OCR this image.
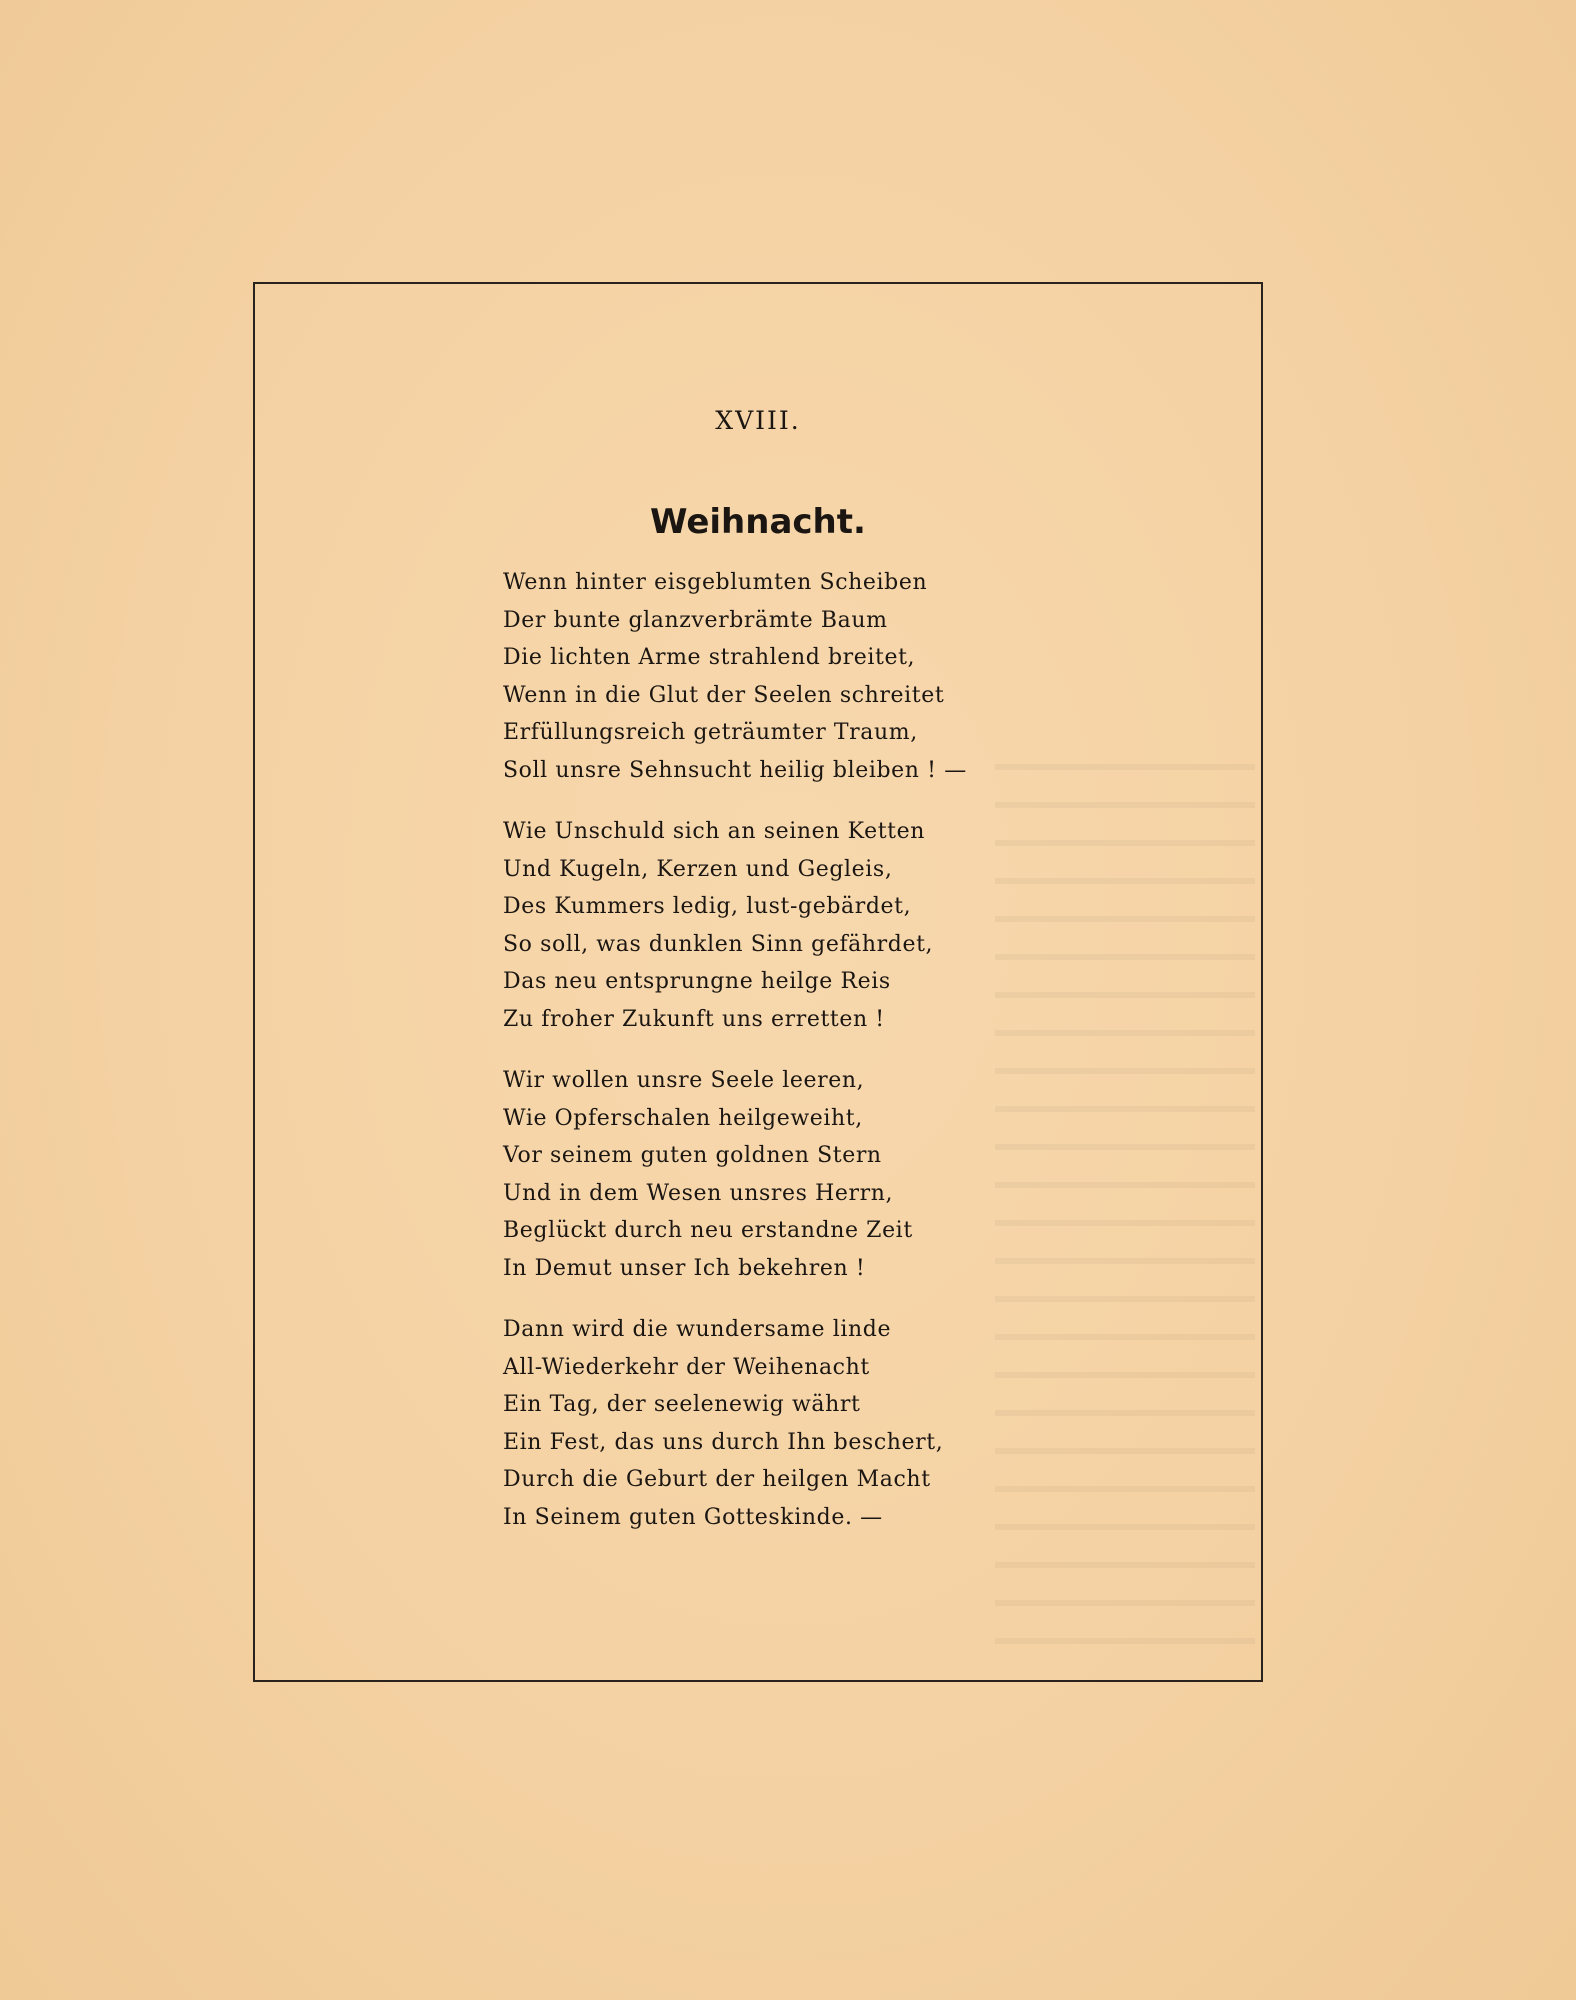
XVIII.
Weihnacht.
Wenn hinter eisgeblumten Scheiben
Der bunte glanzverbrämte Baum
Die lichten Arme strahlend breitet,
Wenn in die Glut der Seelen schreitet
Erfüllungsreich geträumter Traum,
Soll unsre Sehnsucht heilig bleiben ! —
Wie Unschuld sich an seinen Ketten
Und Kugeln, Kerzen und Gegleis,
Des Kummers ledig, lust-gebärdet,
So soll, was dunklen Sinn gefährdet,
Das neu entsprungne heilge Reis
Zu froher Zukunft uns erretten !
Wir wollen unsre Seele leeren,
Wie Opferschalen heilgeweiht,
Vor seinem guten goldnen Stern
Und in dem Wesen unsres Herrn,
Beglückt durch neu erstandne Zeit
In Demut unser Ich bekehren !
Dann wird die wundersame linde
All-Wiederkehr der Weihenacht
Ein Tag, der seelenewig währt
Ein Fest, das uns durch Ihn beschert,
Durch die Geburt der heilgen Macht
In Seinem guten Gotteskinde. —
